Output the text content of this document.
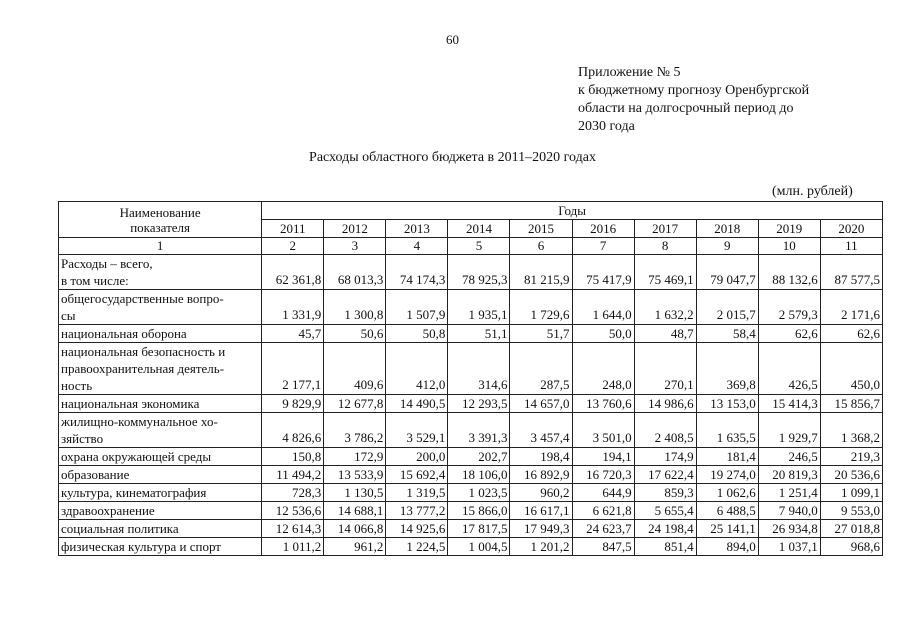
60
Приложение № 5
к бюджетному прогнозу Оренбургской
области на долгосрочный период до
2030 года
Расходы областного бюджета в 2011–2020 годах
(млн. рублей)
Наименование
показателя	Годы									
	2011	2012	2013	2014	2015	2016	2017	2018	2019	2020
1	2	3	4	5	6	7	8	9	10	11

Расходы – всего,
в том числе:	62 361,8	68 013,3	74 174,3	78 925,3	81 215,9	75 417,9	75 469,1	79 047,7	88 132,6	87 577,5

общегосударственные вопро-
сы	1 331,9	1 300,8	1 507,9	1 935,1	1 729,6	1 644,0	1 632,2	2 015,7	2 579,3	2 171,6

национальная оборона	45,7	50,6	50,8	51,1	51,7	50,0	48,7	58,4	62,6	62,6

национальная безопасность и
правоохранительная деятель-
ность	2 177,1	409,6	412,0	314,6	287,5	248,0	270,1	369,8	426,5	450,0

национальная экономика	9 829,9	12 677,8	14 490,5	12 293,5	14 657,0	13 760,6	14 986,6	13 153,0	15 414,3	15 856,7

жилищно-коммунальное хо-
зяйство	4 826,6	3 786,2	3 529,1	3 391,3	3 457,4	3 501,0	2 408,5	1 635,5	1 929,7	1 368,2

охрана окружающей среды	150,8	172,9	200,0	202,7	198,4	194,1	174,9	181,4	246,5	219,3

образование	11 494,2	13 533,9	15 692,4	18 106,0	16 892,9	16 720,3	17 622,4	19 274,0	20 819,3	20 536,6

культура, кинематография	728,3	1 130,5	1 319,5	1 023,5	960,2	644,9	859,3	1 062,6	1 251,4	1 099,1

здравоохранение	12 536,6	14 688,1	13 777,2	15 866,0	16 617,1	6 621,8	5 655,4	6 488,5	7 940,0	9 553,0

социальная политика	12 614,3	14 066,8	14 925,6	17 817,5	17 949,3	24 623,7	24 198,4	25 141,1	26 934,8	27 018,8

физическая культура и спорт	1 011,2	961,2	1 224,5	1 004,5	1 201,2	847,5	851,4	894,0	1 037,1	968,6
